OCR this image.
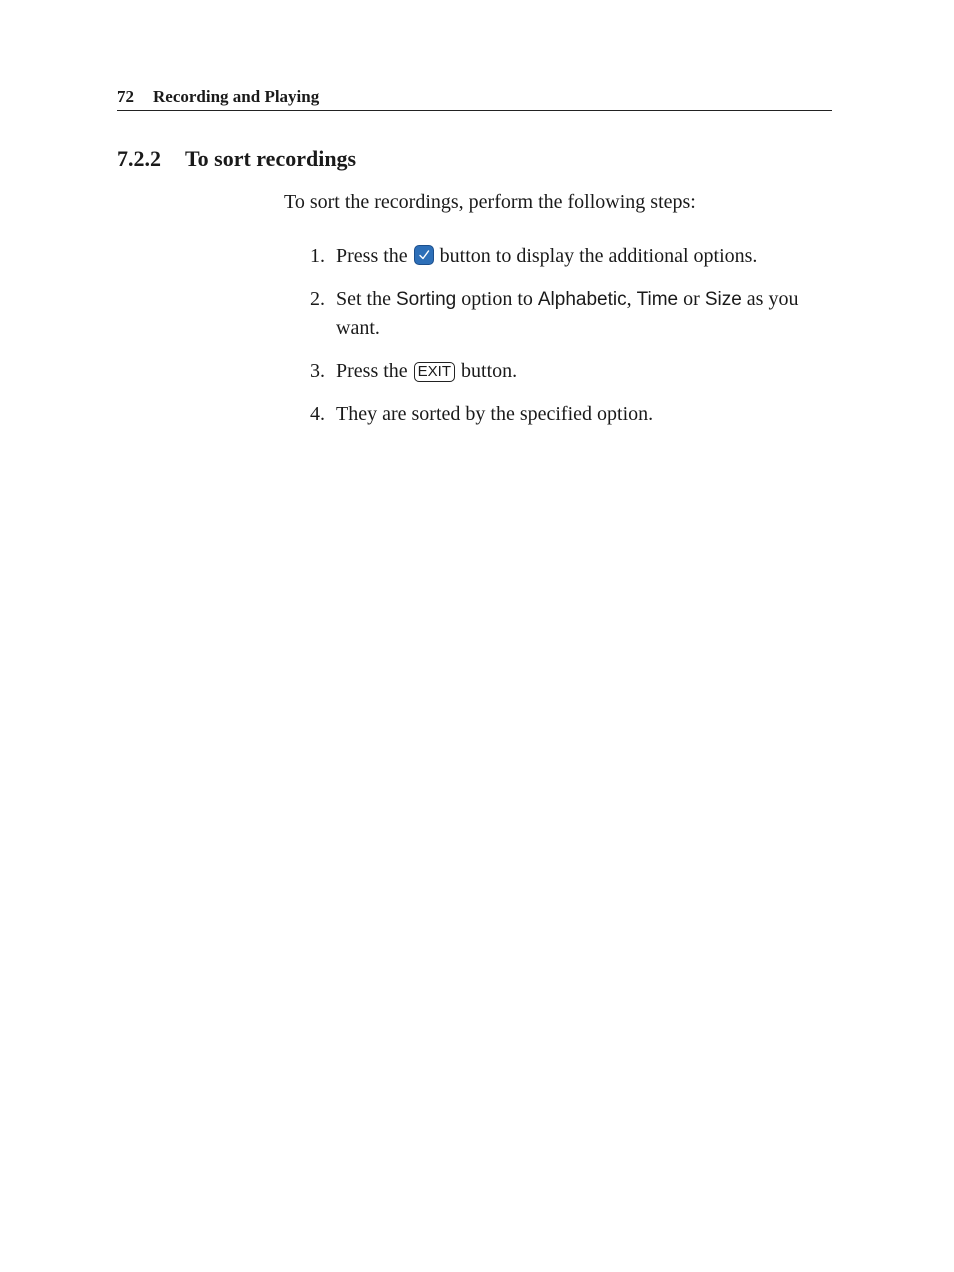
72 Recording and Playing
7.2.2 To sort recordings
To sort the recordings, perform the following steps:
1. Press the button to display the additional options.
2. Set the Sorting option to Alphabetic, Time or Size as you want.
3. Press the EXIT button.
4. They are sorted by the specified option.
